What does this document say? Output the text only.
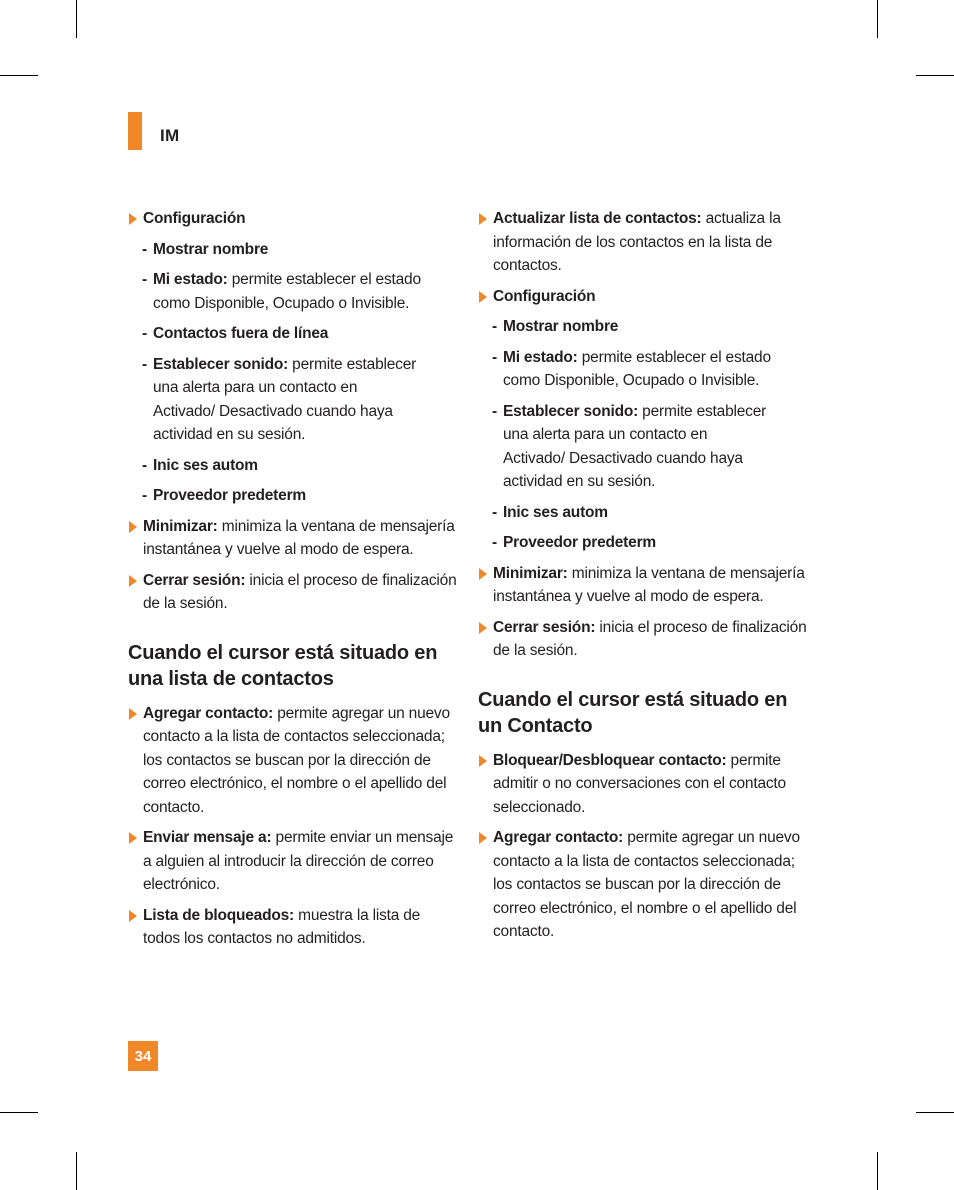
IM
Configuración
- Mostrar nombre
- Mi estado: permite establecer el estado como Disponible, Ocupado o Invisible.
- Contactos fuera de línea
- Establecer sonido: permite establecer una alerta para un contacto en Activado/ Desactivado cuando haya actividad en su sesión.
- Inic ses autom
- Proveedor predeterm
Minimizar: minimiza la ventana de mensajería instantánea y vuelve al modo de espera.
Cerrar sesión: inicia el proceso de finalización de la sesión.
Cuando el cursor está situado en una lista de contactos
Agregar contacto: permite agregar un nuevo contacto a la lista de contactos seleccionada; los contactos se buscan por la dirección de correo electrónico, el nombre o el apellido del contacto.
Enviar mensaje a: permite enviar un mensaje a alguien al introducir la dirección de correo electrónico.
Lista de bloqueados: muestra la lista de todos los contactos no admitidos.
Actualizar lista de contactos: actualiza la información de los contactos en la lista de contactos.
Configuración
- Mostrar nombre
- Mi estado: permite establecer el estado como Disponible, Ocupado o Invisible.
- Establecer sonido: permite establecer una alerta para un contacto en Activado/ Desactivado cuando haya actividad en su sesión.
- Inic ses autom
- Proveedor predeterm
Minimizar: minimiza la ventana de mensajería instantánea y vuelve al modo de espera.
Cerrar sesión: inicia el proceso de finalización de la sesión.
Cuando el cursor está situado en un Contacto
Bloquear/Desbloquear contacto: permite admitir o no conversaciones con el contacto seleccionado.
Agregar contacto: permite agregar un nuevo contacto a la lista de contactos seleccionada; los contactos se buscan por la dirección de correo electrónico, el nombre o el apellido del contacto.
34
